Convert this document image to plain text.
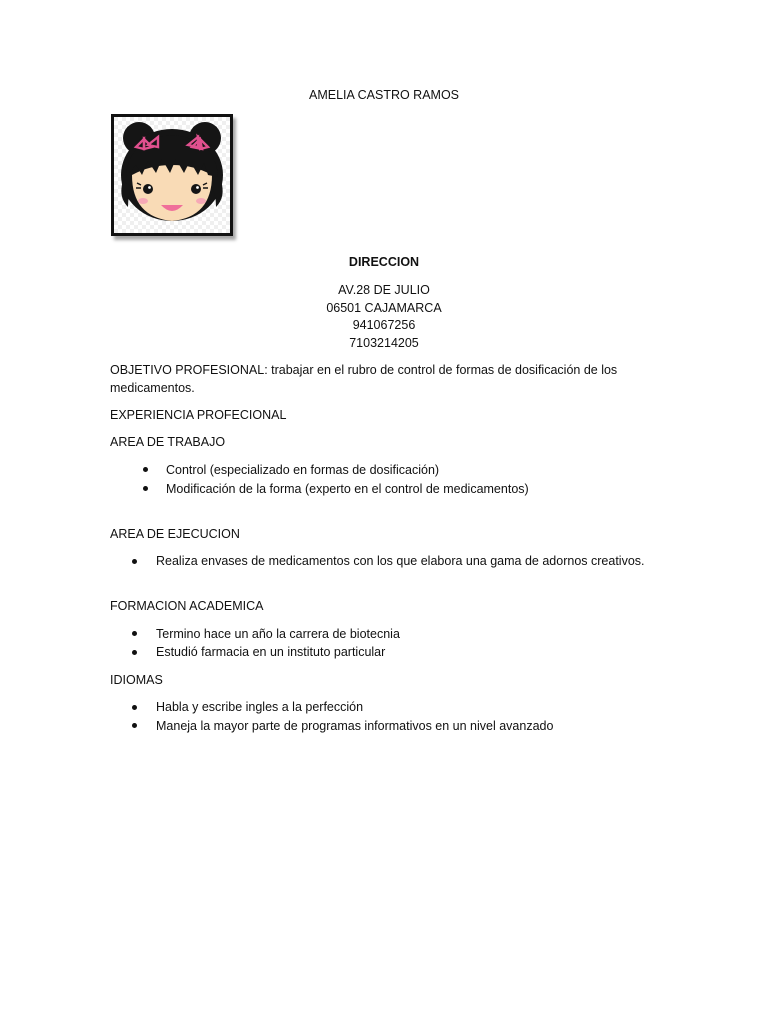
AMELIA CASTRO RAMOS
DIRECCION
AV.28 DE JULIO
06501 CAJAMARCA
941067256
7103214205
OBJETIVO PROFESIONAL: trabajar en el rubro de control de formas de dosificación de los
medicamentos.
EXPERIENCIA PROFECIONAL
AREA DE TRABAJO
Control (especializado en formas de dosificación)
Modificación de la forma (experto en el control de medicamentos)
AREA DE EJECUCION
Realiza envases de medicamentos con los que elabora una gama de adornos creativos.
FORMACION ACADEMICA
Termino hace un año la carrera de biotecnia
Estudió farmacia en un instituto particular
IDIOMAS
Habla y escribe ingles a la perfección
Maneja la mayor parte de programas informativos en un nivel avanzado
